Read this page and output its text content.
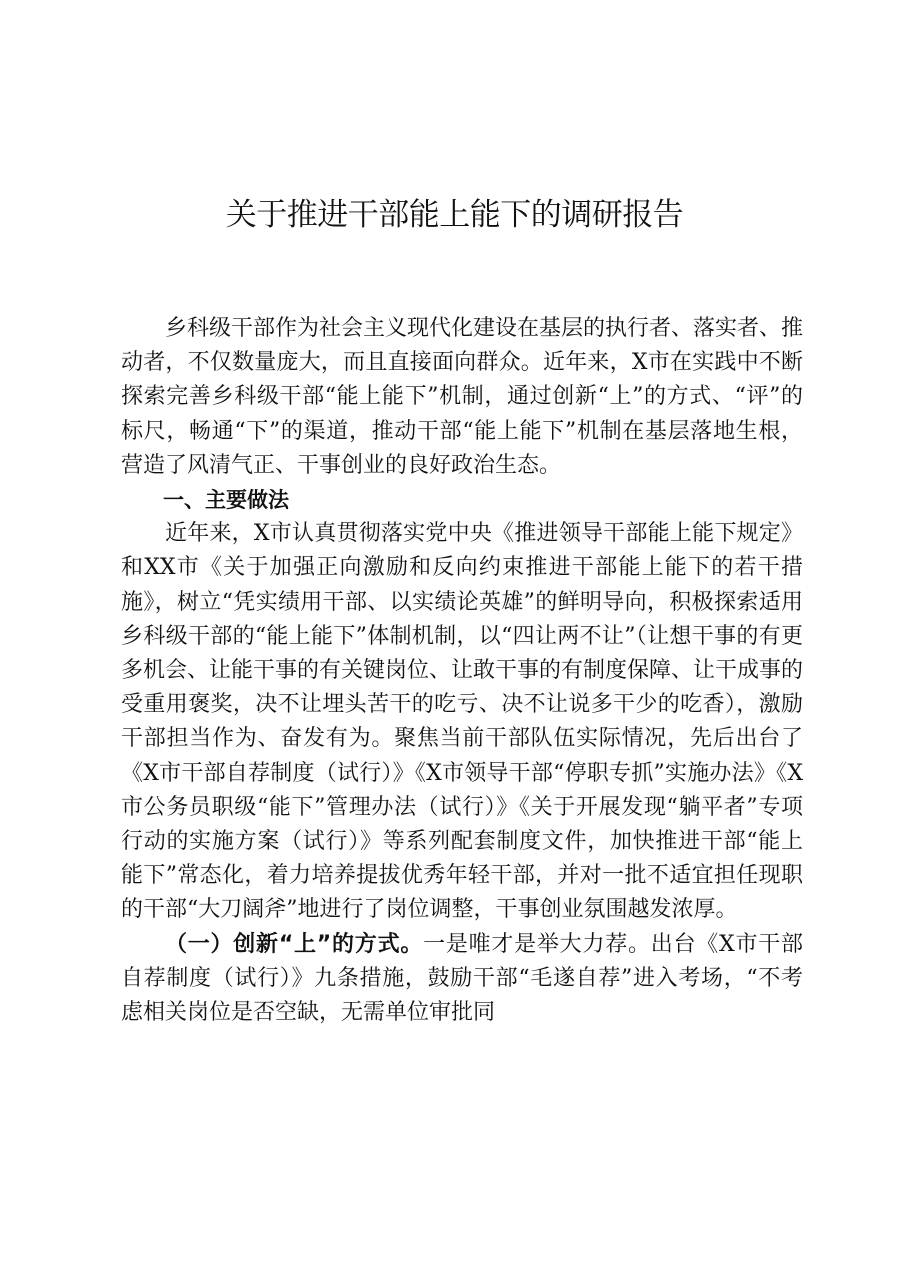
关于推进干部能上能下的调研报告

乡科级干部作为社会主义现代化建设在基层的执行者、落实者、推动者，不仅数量庞大，而且直接面向群众。近年来，X市在实践中不断探索完善乡科级干部“能上能下”机制，通过创新“上”的方式、“评”的标尺，畅通“下”的渠道，推动干部“能上能下”机制在基层落地生根，营造了风清气正、干事创业的良好政治生态。

一、主要做法

近年来，X市认真贯彻落实党中央《推进领导干部能上能下规定》和XX市《关于加强正向激励和反向约束推进干部能上能下的若干措施》，树立“凭实绩用干部、以实绩论英雄”的鲜明导向，积极探索适用乡科级干部的“能上能下”体制机制，以“四让两不让”（让想干事的有更多机会、让能干事的有关键岗位、让敢干事的有制度保障、让干成事的受重用褒奖，决不让埋头苦干的吃亏、决不让说多干少的吃香），激励干部担当作为、奋发有为。聚焦当前干部队伍实际情况，先后出台了《X市干部自荐制度（试行）》《X市领导干部“停职专抓”实施办法》《X市公务员职级“能下”管理办法（试行）》《关于开展发现“躺平者”专项行动的实施方案（试行）》等系列配套制度文件，加快推进干部“能上能下”常态化，着力培养提拔优秀年轻干部，并对一批不适宜担任现职的干部“大刀阔斧”地进行了岗位调整，干事创业氛围越发浓厚。

（一）创新“上”的方式。一是唯才是举大力荐。出台《X市干部自荐制度（试行）》九条措施，鼓励干部“毛遂自荐”进入考场，“不考虑相关岗位是否空缺，无需单位审批同
